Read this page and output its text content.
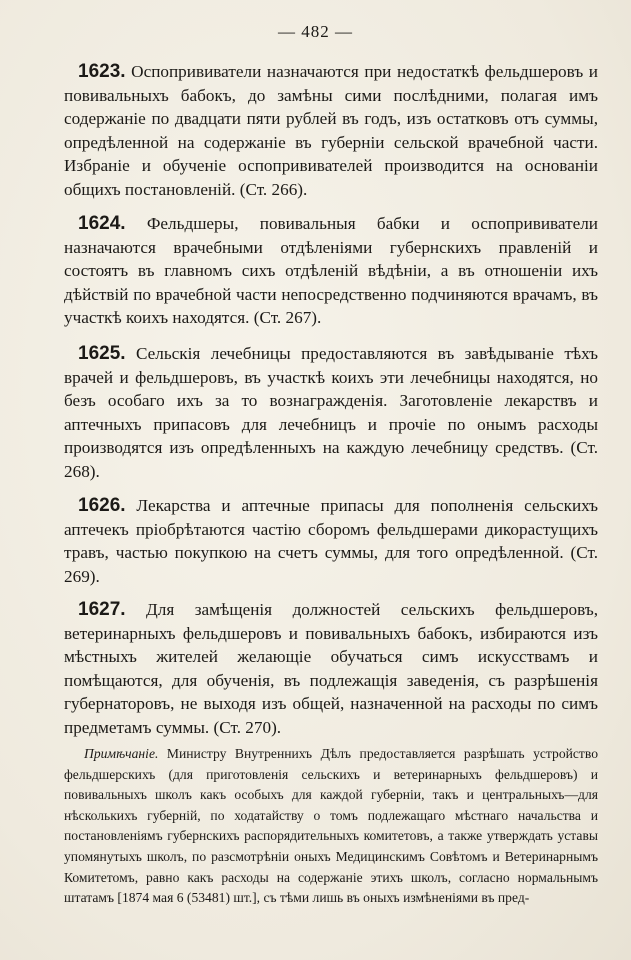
— 482 —

1623. Оспопрививатели назначаются при недостаткѣ фельдшеровъ и повивальныхъ бабокъ, до замѣны сими послѣдними, полагая имъ содержаніе по двадцати пяти рублей въ годъ, изъ остатковъ отъ суммы, опредѣленной на содержаніе въ губерніи сельской врачебной части. Избраніе и обученіе оспопрививателей производится на основаніи общихъ постановленій. (Ст. 266).

1624. Фельдшеры, повивальныя бабки и оспопрививатели назначаются врачебными отдѣленіями губернскихъ правленій и состоятъ въ главномъ сихъ отдѣленій вѣдѣніи, а въ отношеніи ихъ дѣйствій по врачебной части непосредственно подчиняются врачамъ, въ участкѣ коихъ находятся. (Ст. 267).

1625. Сельскія лечебницы предоставляются въ завѣдываніе тѣхъ врачей и фельдшеровъ, въ участкѣ коихъ эти лечебницы находятся, но безъ особаго ихъ за то вознагражденія. Заготовленіе лекарствъ и аптечныхъ припасовъ для лечебницъ и прочіе по онымъ расходы производятся изъ опредѣленныхъ на каждую лечебницу средствъ. (Ст. 268).

1626. Лекарства и аптечные припасы для пополненія сельскихъ аптечекъ пріобрѣтаются частію сборомъ фельдшерами дикорастущихъ травъ, частью покупкою на счетъ суммы, для того опредѣленной. (Ст. 269).

1627. Для замѣщенія должностей сельскихъ фельдшеровъ, ветеринарныхъ фельдшеровъ и повивальныхъ бабокъ, избираются изъ мѣстныхъ жителей желающіе обучаться симъ искусствамъ и помѣщаются, для обученія, въ подлежащія заведенія, съ разрѣшенія губернаторовъ, не выходя изъ общей, назначенной на расходы по симъ предметамъ суммы. (Ст. 270).

Примѣчаніе. Министру Внутреннихъ Дѣлъ предоставляется разрѣшать устройство фельдшерскихъ (для приготовленія сельскихъ и ветеринарныхъ фельдшеровъ) и повивальныхъ школъ какъ особыхъ для каждой губерніи, такъ и центральныхъ—для нѣсколькихъ губерній, по ходатайству о томъ подлежащаго мѣстнаго начальства и постановленіямъ губернскихъ распорядительныхъ комитетовъ, а также утверждать уставы упомянутыхъ школъ, по разсмотрѣніи оныхъ Медицинскимъ Совѣтомъ и Ветеринарнымъ Комитетомъ, равно какъ расходы на содержаніе этихъ школъ, согласно нормальнымъ штатамъ [1874 мая 6 (53481) шт.], съ тѣми лишь въ оныхъ измѣненіями въ пред-
